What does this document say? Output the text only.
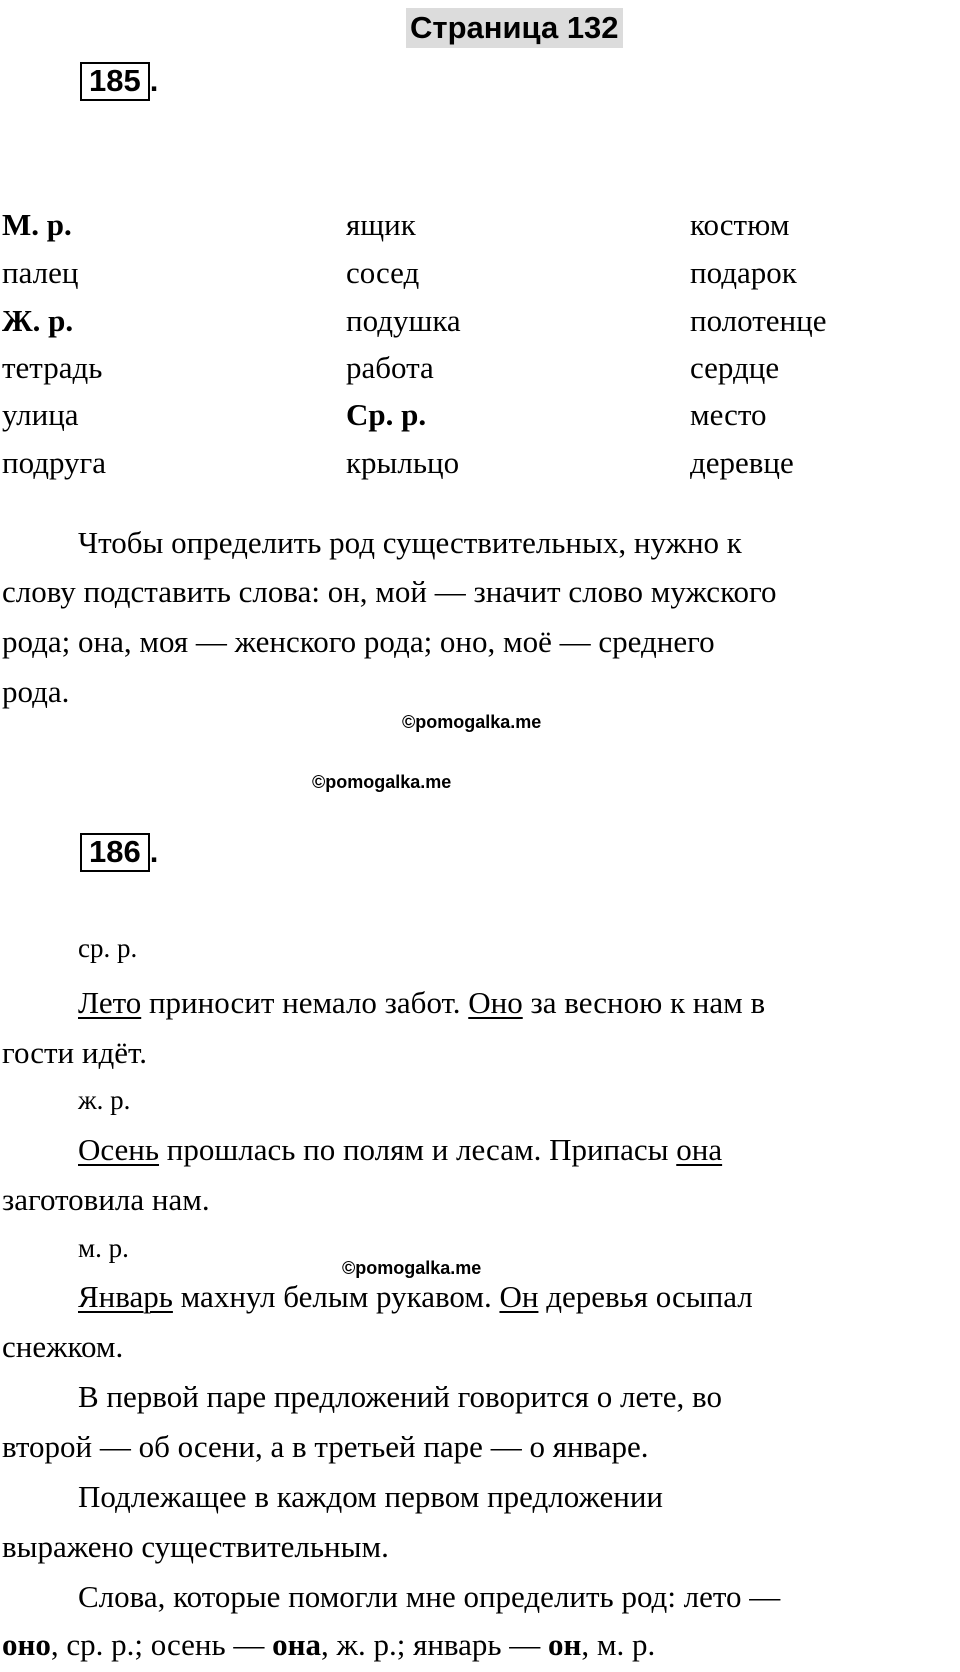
Страница 132
185 .
М. р.
палец
Ж. р.
тетрадь
улица
подруга
ящик
сосед
подушка
работа
Ср. р.
крыльцо
костюм
подарок
полотенце
сердце
место
деревце
Чтобы определить род существительных, нужно к
слову подставить слова: он, мой — значит слово мужского
рода; она, моя — женского рода; оно, моё — среднего
рода.
©pomogalka.me
©pomogalka.me
186 .
ср. р.
Лето приносит немало забот. Оно за весною к нам в
гости идёт.
ж. р.
Осень прошлась по полям и лесам. Припасы она
заготовила нам.
м. р.
©pomogalka.me
Январь махнул белым рукавом. Он деревья осыпал
снежком.
В первой паре предложений говорится о лете, во
второй — об осени, а в третьей паре — о январе.
Подлежащее в каждом первом предложении
выражено существительным.
Слова, которые помогли мне определить род: лето —
оно, ср. р.; осень — она, ж. р.; январь — он, м. р.
